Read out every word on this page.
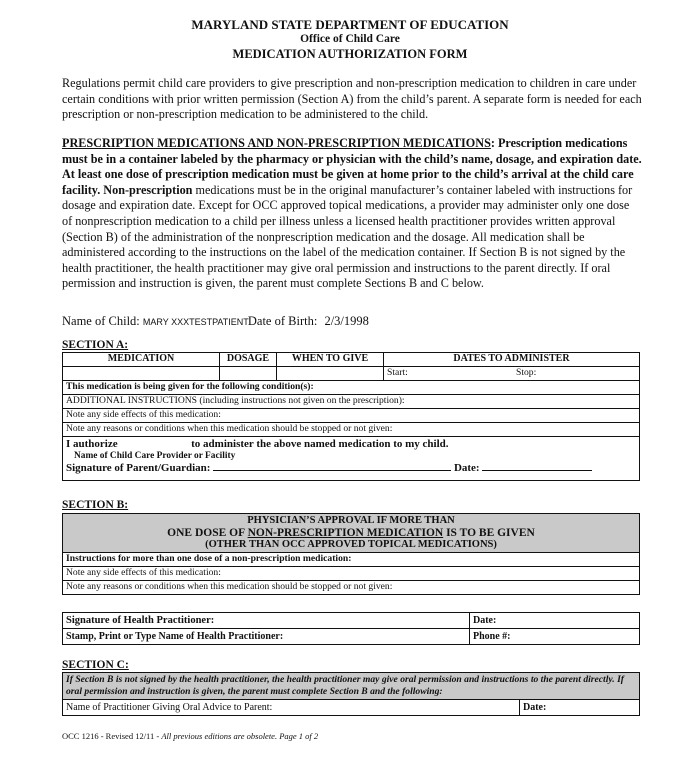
MARYLAND STATE DEPARTMENT OF EDUCATION
Office of Child Care
MEDICATION AUTHORIZATION FORM
Regulations permit child care providers to give prescription and non-prescription medication to children in care under certain conditions with prior written permission (Section A) from the child’s parent. A separate form is needed for each prescription or non-prescription medication to be administered to the child.
PRESCRIPTION MEDICATIONS AND NON-PRESCRIPTION MEDICATIONS: Prescription medications must be in a container labeled by the pharmacy or physician with the child’s name, dosage, and expiration date. At least one dose of prescription medication must be given at home prior to the child’s arrival at the child care facility. Non-prescription medications must be in the original manufacturer’s container labeled with instructions for dosage and expiration date. Except for OCC approved topical medications, a provider may administer only one dose of nonprescription medication to a child per illness unless a licensed health practitioner provides written approval (Section B) of the administration of the nonprescription medication and the dosage. All medication shall be administered according to the instructions on the label of the medication container. If Section B is not signed by the health practitioner, the health practitioner may give oral permission and instructions to the parent directly. If oral permission and instruction is given, the parent must complete Sections B and C below.
Name of Child: MARY XXXTESTPATIENT Date of Birth: 2/3/1998
SECTION A:
MEDICATION	DOSAGE	WHEN TO GIVE	DATES TO ADMINISTER	
			Start:	Stop:
This medication is being given for the following condition(s):				
ADDITIONAL INSTRUCTIONS (including instructions not given on the prescription):				
Note any side effects of this medication:				
Note any reasons or conditions when this medication should be stopped or not given:				

I authorize to administer the above named medication to my child.
Name of Child Care Provider or Facility
Signature of Parent/Guardian: Date:				
SECTION B:
PHYSICIAN’S APPROVAL IF MORE THAN
ONE DOSE OF NON-PRESCRIPTION MEDICATION IS TO BE GIVEN
(OTHER THAN OCC APPROVED TOPICAL MEDICATIONS)

Instructions for more than one dose of a non-prescription medication:
Note any side effects of this medication:
Note any reasons or conditions when this medication should be stopped or not given:
Signature of Health Practitioner:	Date:
Stamp, Print or Type Name of Health Practitioner:	Phone #:
SECTION C:
If Section B is not signed by the health practitioner, the health practitioner may give oral permission and instructions to the parent directly. If oral permission and instruction is given, the parent must complete Section B and the following:
Name of Practitioner Giving Oral Advice to Parent:	Date:
OCC 1216 - Revised 12/11 - All previous editions are obsolete. Page 1 of 2
